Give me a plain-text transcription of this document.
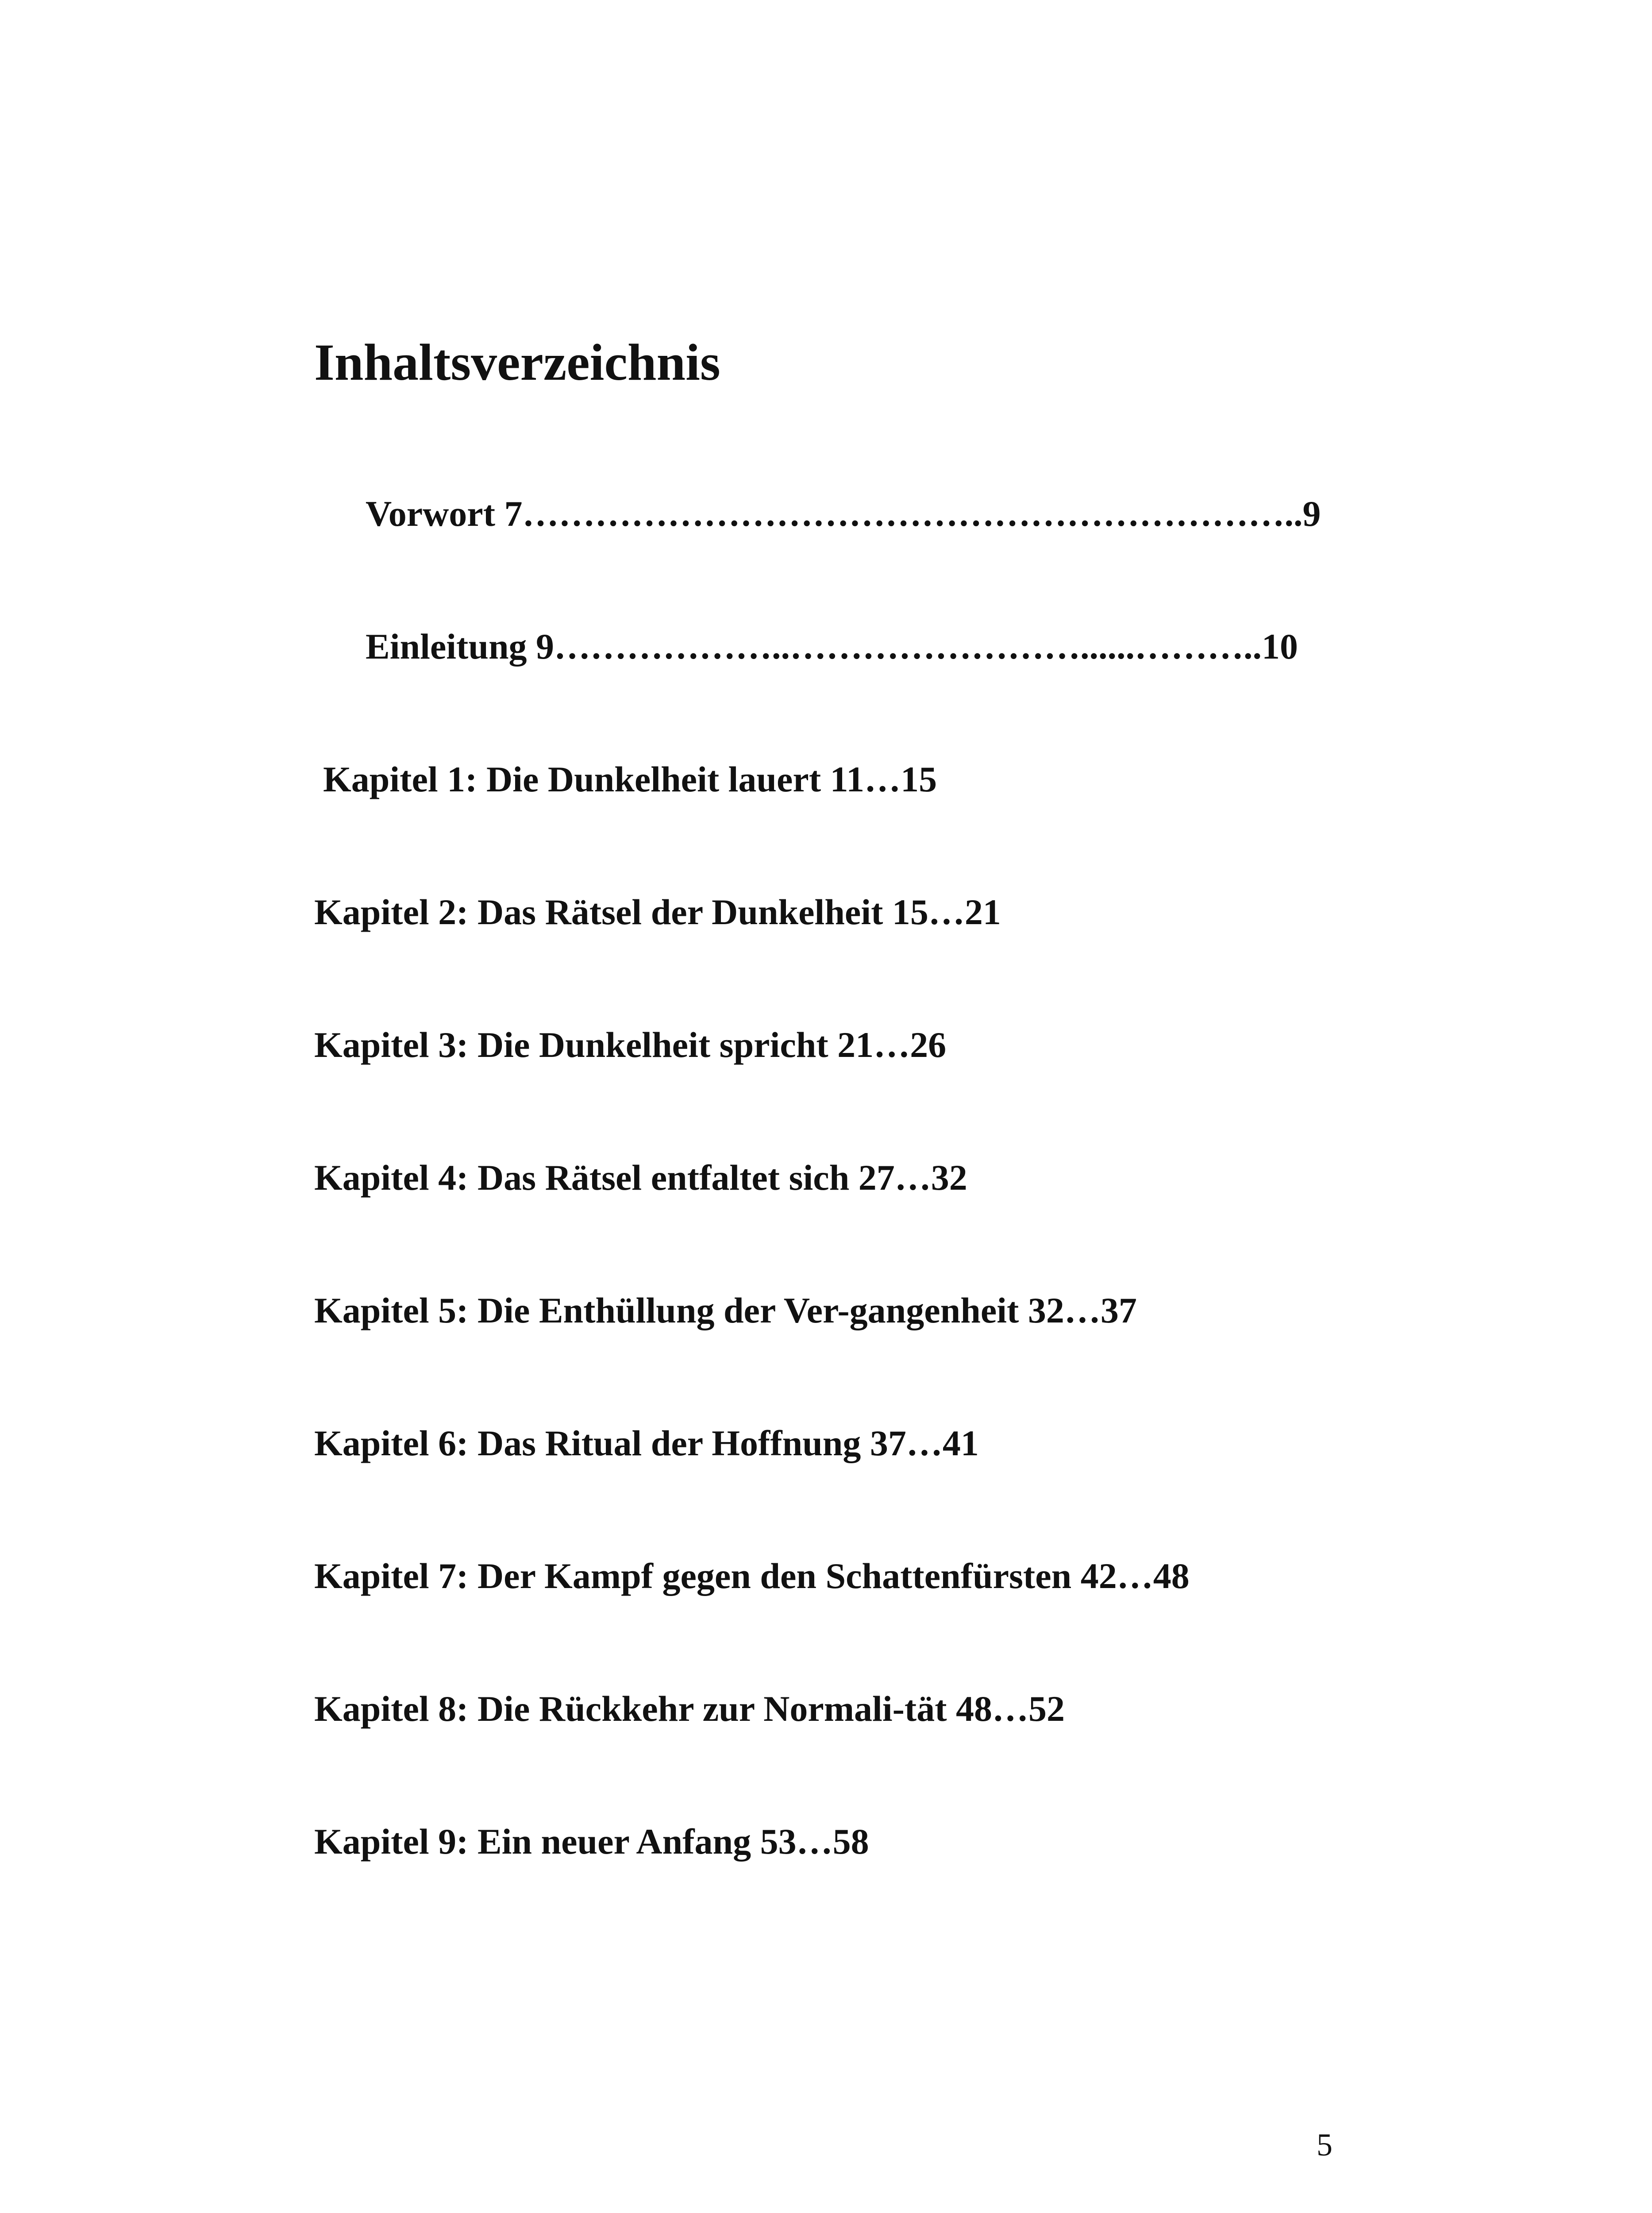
Inhaltsverzeichnis
Vorwort 7………………………………………………………..9
Einleitung 9………………..……………………......………..10
Kapitel 1: Die Dunkelheit lauert 11…15
Kapitel 2: Das Rätsel der Dunkelheit 15…21
Kapitel 3: Die Dunkelheit spricht 21…26
Kapitel 4: Das Rätsel entfaltet sich 27…32
Kapitel 5: Die Enthüllung der Ver-gangenheit 32…37
Kapitel 6: Das Ritual der Hoffnung 37…41
Kapitel 7: Der Kampf gegen den Schattenfürsten 42…48
Kapitel 8: Die Rückkehr zur Normali-tät 48…52
Kapitel 9: Ein neuer Anfang 53…58
5
